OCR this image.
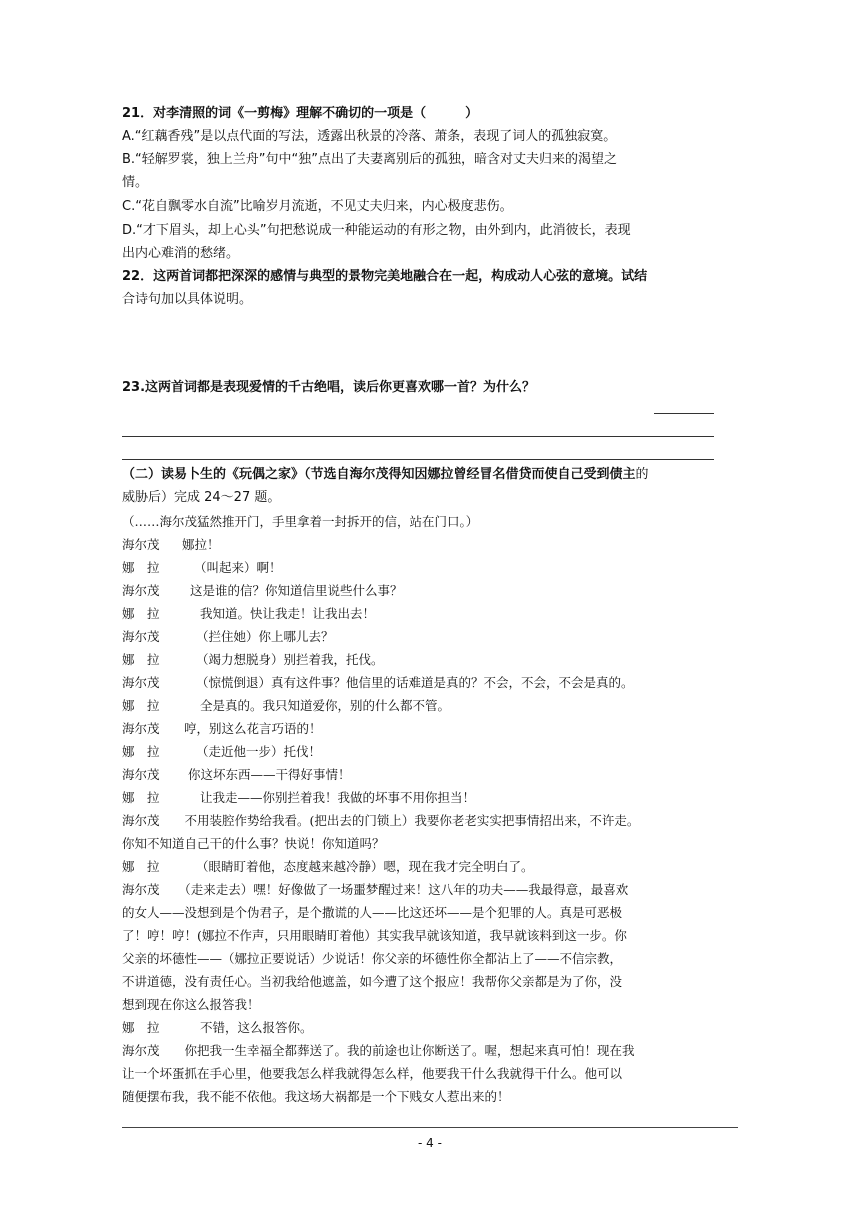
21．对李清照的词《一剪梅》理解不确切的一项是（　　　）
A.“红藕香残”是以点代面的写法，透露出秋景的冷落、萧条，表现了词人的孤独寂寞。
B.“轻解罗裳，独上兰舟”句中“独”点出了夫妻离别后的孤独，暗含对丈夫归来的渴望之
情。
C.“花自飘零水自流”比喻岁月流逝，不见丈夫归来，内心极度悲伤。
D.“才下眉头，却上心头”句把愁说成一种能运动的有形之物，由外到内，此消彼长，表现
出内心难消的愁绪。
22．这两首词都把深深的感情与典型的景物完美地融合在一起，构成动人心弦的意境。试结
合诗句加以具体说明。
23.这两首词都是表现爱情的千古绝唱，读后你更喜欢哪一首？为什么？
（二）读易卜生的《玩偶之家》（节选自海尔茂得知因娜拉曾经冒名借贷而使自己受到债主的
威胁后）完成 24～27 题。
（……海尔茂猛然推开门，手里拿着一封拆开的信，站在门口。）
海尔茂 娜拉！
娜　拉	（叫起来）啊！
海尔茂 这是谁的信？你知道信里说些什么事？
娜　拉	我知道。快让我走！让我出去！
海尔茂	（拦住她）你上哪儿去？
娜　拉	（竭力想脱身）别拦着我，托伐。
海尔茂	（惊慌倒退）真有这件事？他信里的话难道是真的？不会，不会，不会是真的。
娜　拉	全是真的。我只知道爱你，别的什么都不管。
海尔茂 哼，别这么花言巧语的！
娜　拉	（走近他一步）托伐！
海尔茂 你这坏东西——干得好事情！
娜　拉	让我走——你别拦着我！我做的坏事不用你担当！
海尔茂　　不用装腔作势给我看。(把出去的门锁上）我要你老老实实把事情招出来，不许走。
你知不知道自己干的什么事？快说！你知道吗？
娜　拉	（眼睛盯着他，态度越来越冷静）嗯，现在我才完全明白了。
海尔茂　　（走来走去）嘿！好像做了一场噩梦醒过来！这八年的功夫——我最得意，最喜欢
的女人——没想到是个伪君子，是个撒谎的人——比这还坏——是个犯罪的人。真是可恶极
了！哼！哼！(娜拉不作声，只用眼睛盯着他）其实我早就该知道，我早就该料到这一步。你
父亲的坏德性——（娜拉正要说话）少说话！你父亲的坏德性你全都沾上了——不信宗教，
不讲道德，没有责任心。当初我给他遮盖，如今遭了这个报应！我帮你父亲都是为了你，没
想到现在你这么报答我！
娜　拉	不错，这么报答你。
海尔茂　　你把我一生幸福全都葬送了。我的前途也让你断送了。喔，想起来真可怕！现在我
让一个坏蛋抓在手心里，他要我怎么样我就得怎么样，他要我干什么我就得干什么。他可以
随便摆布我，我不能不依他。我这场大祸都是一个下贱女人惹出来的！
- 4 -
